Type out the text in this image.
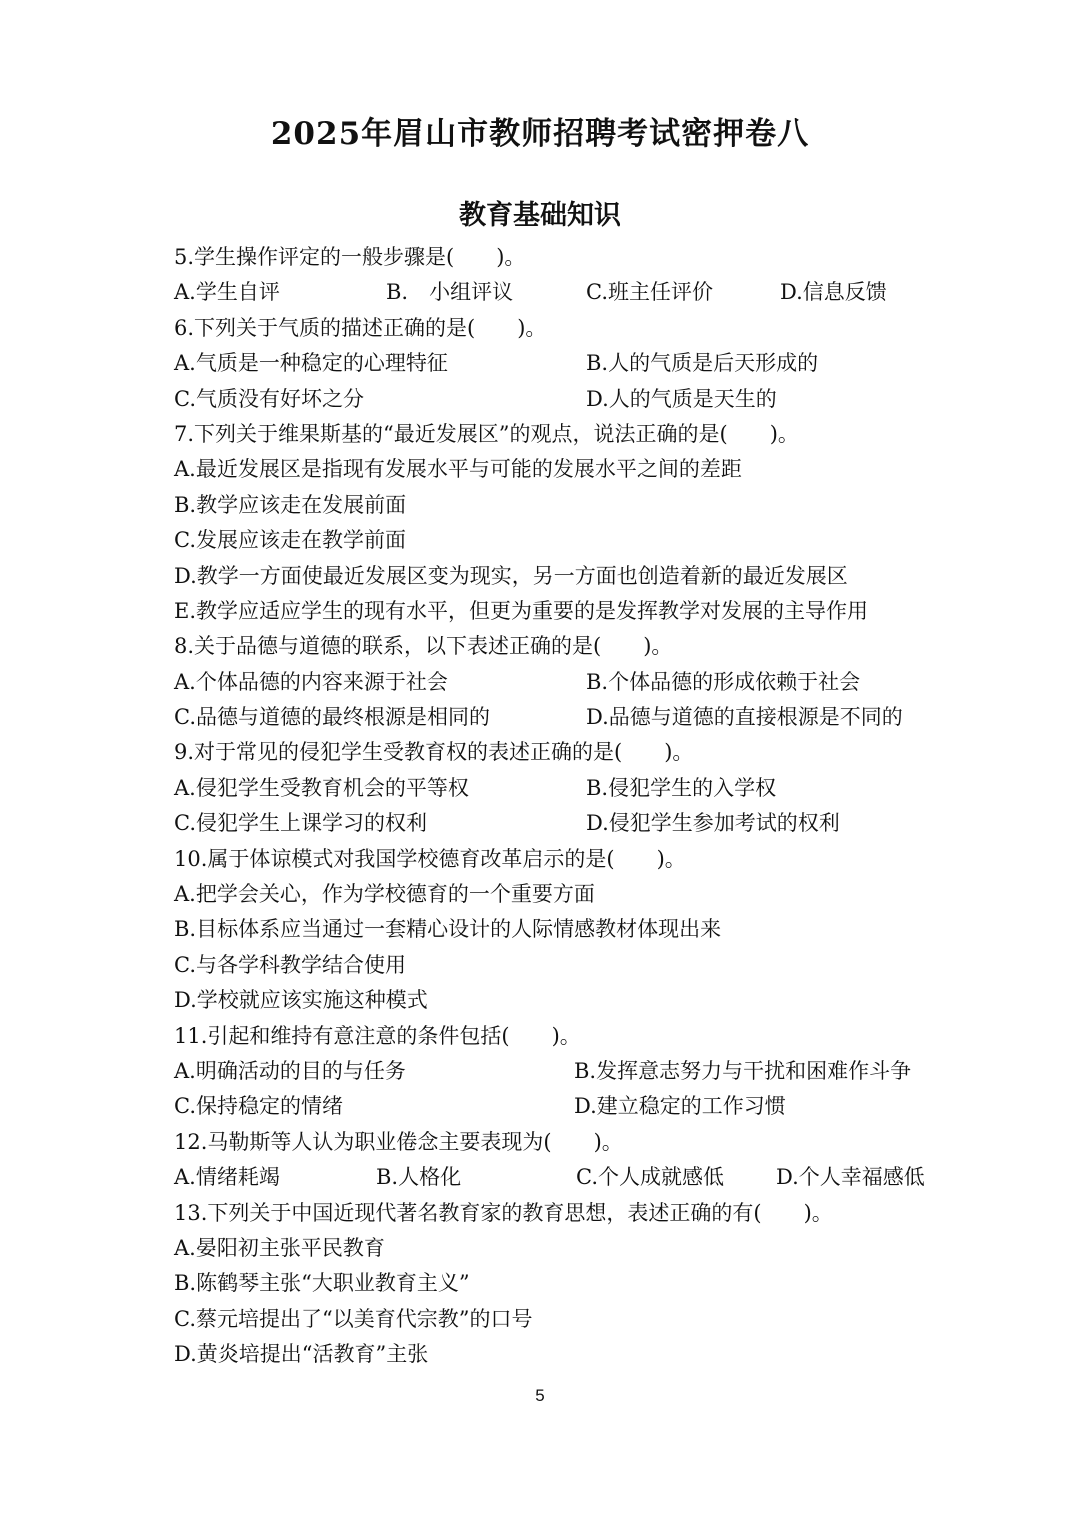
2025年眉山市教师招聘考试密押卷八
教育基础知识
5.学生操作评定的一般步骤是(　　)。
A.学生自评	B.　小组评议	C.班主任评价	D.信息反馈
6.下列关于气质的描述正确的是(　　)。
A.气质是一种稳定的心理特征	B.人的气质是后天形成的
C.气质没有好坏之分	D.人的气质是天生的
7.下列关于维果斯基的“最近发展区”的观点，说法正确的是(　　)。
A.最近发展区是指现有发展水平与可能的发展水平之间的差距
B.教学应该走在发展前面
C.发展应该走在教学前面
D.教学一方面使最近发展区变为现实，另一方面也创造着新的最近发展区
E.教学应适应学生的现有水平，但更为重要的是发挥教学对发展的主导作用
8.关于品德与道德的联系，以下表述正确的是(　　)。
A.个体品德的内容来源于社会	B.个体品德的形成依赖于社会
C.品德与道德的最终根源是相同的	D.品德与道德的直接根源是不同的
9.对于常见的侵犯学生受教育权的表述正确的是(　　)。
A.侵犯学生受教育机会的平等权	B.侵犯学生的入学权
C.侵犯学生上课学习的权利	D.侵犯学生参加考试的权利
10.属于体谅模式对我国学校德育改革启示的是(　　)。
A.把学会关心，作为学校德育的一个重要方面
B.目标体系应当通过一套精心设计的人际情感教材体现出来
C.与各学科教学结合使用
D.学校就应该实施这种模式
11.引起和维持有意注意的条件包括(　　)。
A.明确活动的目的与任务	B.发挥意志努力与干扰和困难作斗争
C.保持稳定的情绪	D.建立稳定的工作习惯
12.马勒斯等人认为职业倦念主要表现为(　　)。
A.情绪耗竭	B.人格化	C.个人成就感低 D.个人幸福感低
13.下列关于中国近现代著名教育家的教育思想，表述正确的有(　　)。
A.晏阳初主张平民教育
B.陈鹤琴主张“大职业教育主义”
C.蔡元培提出了“以美育代宗教”的口号
D.黄炎培提出“活教育”主张
5
